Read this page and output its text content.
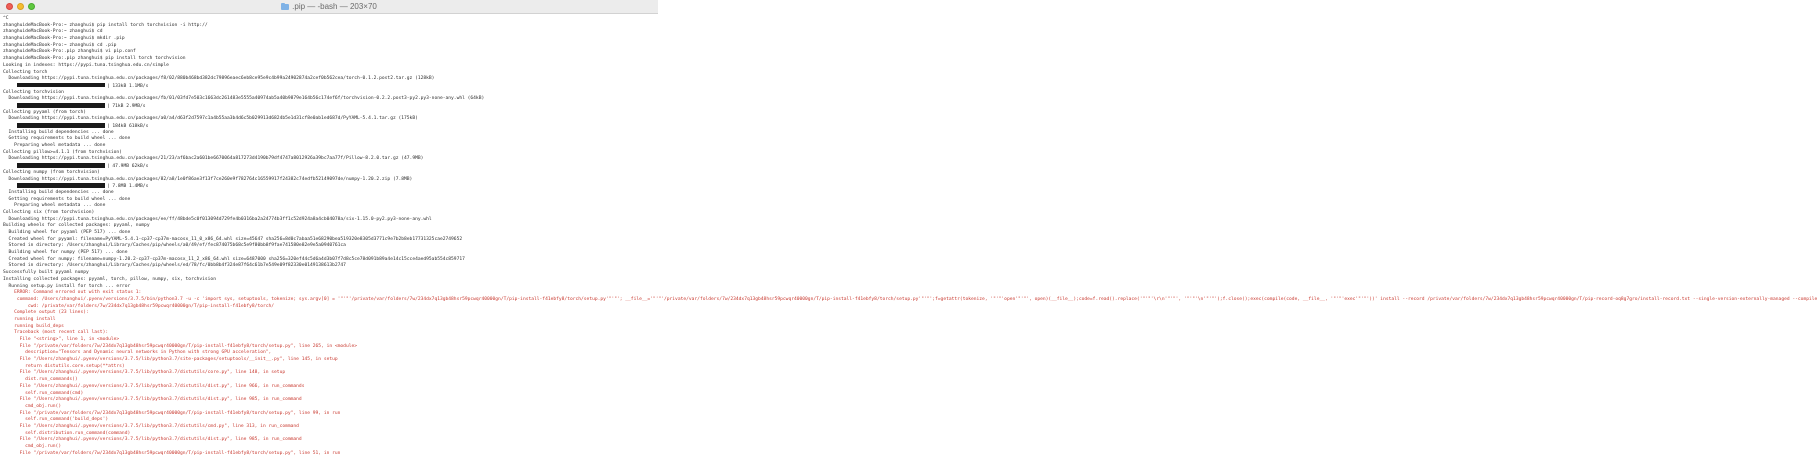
.pip — -bash — 203×70
^C
zhanghuideMacBook-Pro:~ zhanghui$ pip install torch torchvision -i http://
zhanghuideMacBook-Pro:~ zhanghui$ cd
zhanghuideMacBook-Pro:~ zhanghui$ mkdir .pip
zhanghuideMacBook-Pro:~ zhanghui$ cd .pip
zhanghuideMacBook-Pro:.pip zhanghui$ vi pip.conf
zhanghuideMacBook-Pro:.pip zhanghui$ pip install torch torchvision
Looking in indexes: https://pypi.tuna.tsinghua.edu.cn/simple
Collecting torch
Downloading https://pypi.tuna.tsinghua.edu.cn/packages/f8/02/880b468bd382dc79896eaec6eb8ce95e9c4b99a24902874a2cef0b562cea/torch-0.1.2.post2.tar.gz (128kB)
| 133kB 1.1MB/s
Collecting torchvision
Downloading https://pypi.tuna.tsinghua.edu.cn/packages/fb/01/03fd7e503c1663dc261483e5555a40974ab5a40b9879e164b56c174ef6f/torchvision-0.2.2.post3-py2.py3-none-any.whl (64kB)
| 71kB 2.9MB/s
Collecting pyyaml (from torch)
Downloading https://pypi.tuna.tsinghua.edu.cn/packages/a0/a4/d63f2d7597c1a4b55aa3b4d6c5b029913d6824b5e1d31cf8e0ab1ed687d/PyYAML-5.4.1.tar.gz (175kB)
| 184kB 618kB/s
Installing build dependencies ... done
Getting requirements to build wheel ... done
Preparing wheel metadata ... done
Collecting pillow>=4.1.1 (from torchvision)
Downloading https://pypi.tuna.tsinghua.edu.cn/packages/21/23/af6bac2a601be6670064a817273d4190b79df4747a8012926a39bc7aa77f/Pillow-8.2.0.tar.gz (47.9MB)
| 47.9MB 62kB/s
Collecting numpy (from torchvision)
Downloading https://pypi.tuna.tsinghua.edu.cn/packages/82/a8/1e0f86ae3f13f7ce260e9f782764c16559917f24382c74edfb52149097de/numpy-1.20.2.zip (7.8MB)
| 7.8MB 1.4MB/s
Installing build dependencies ... done
Getting requirements to build wheel ... done
Preparing wheel metadata ... done
Collecting six (from torchvision)
Downloading https://pypi.tuna.tsinghua.edu.cn/packages/ee/ff/48bde5c0f013094d729fe4b0316ba2a24774b3ff1c52d924a8a4cb04078a/six-1.15.0-py2.py3-none-any.whl
Building wheels for collected packages: pyyaml, numpy
Building wheel for pyyaml (PEP 517) ... done
Created wheel for pyyaml: filename=PyYAML-5.4.1-cp37-cp37m-macosx_11_0_x86_64.whl size=45647 sha256=8d0c7abaa51e68290bea519320e8305d3771c9e7b2b8eb17731325cae2749652
Stored in directory: /Users/zhanghui/Library/Caches/pip/wheels/a0/49/ef/fec874075b68c5e9f80bb8f9fae741580e82e9e5a0940761ca
Building wheel for numpy (PEP 517) ... done
Created wheel for numpy: filename=numpy-1.20.2-cp37-cp37m-macosx_11_2_x86_64.whl size=6487000 sha256=320ef44c5d6a4d3b07f7d8c5ce78d091b89a4e14c15cce4aed95ab554c859717
Stored in directory: /Users/zhanghui/Library/Caches/pip/wheels/ed/78/fc/0bb8b4f324e87f64c61b7e549e09f82330e0149138613b2747
Successfully built pyyaml numpy
Installing collected packages: pyyaml, torch, pillow, numpy, six, torchvision
Running setup.py install for torch ... error
ERROR: Command errored out with exit status 1:
command: /Users/zhanghui/.pyenv/versions/3.7.5/bin/python3.7 -u -c 'import sys, setuptools, tokenize; sys.argv[0] = '"'"'/private/var/folders/7w/234dx7q13gb48hsr59pcwqr40000gn/T/pip-install-f41ebfy8/torch/setup.py'"'"'; __file__='"'"'/private/var/folders/7w/234dx7q13gb48hsr59pcwqr40000gn/T/pip-install-f41ebfy8/torch/setup.py'"'"';f=getattr(tokenize, '"'"'open'"'"', open)(__file__);code=f.read().replace('"'"'\r\n'"'"', '"'"'\n'"'"');f.close();exec(compile(code, __file__, '"'"'exec'"'"'))' install --record /private/var/folders/7w/234dx7q13gb48hsr59pcwqr40000gn/T/pip-record-oq8g7gro/install-record.txt --single-version-externally-managed --compile
cwd: /private/var/folders/7w/234dx7q13gb48hsr59pcwqr40000gn/T/pip-install-f41ebfy8/torch/
Complete output (23 lines):
running install
running build_deps
Traceback (most recent call last):
File "<string>", line 1, in <module>
File "/private/var/folders/7w/234dx7q13gb48hsr59pcwqr40000gn/T/pip-install-f41ebfy8/torch/setup.py", line 265, in <module>
description="Tensors and Dynamic neural networks in Python with strong GPU acceleration",
File "/Users/zhanghui/.pyenv/versions/3.7.5/lib/python3.7/site-packages/setuptools/__init__.py", line 145, in setup
return distutils.core.setup(**attrs)
File "/Users/zhanghui/.pyenv/versions/3.7.5/lib/python3.7/distutils/core.py", line 148, in setup
dist.run_commands()
File "/Users/zhanghui/.pyenv/versions/3.7.5/lib/python3.7/distutils/dist.py", line 966, in run_commands
self.run_command(cmd)
File "/Users/zhanghui/.pyenv/versions/3.7.5/lib/python3.7/distutils/dist.py", line 985, in run_command
cmd_obj.run()
File "/private/var/folders/7w/234dx7q13gb48hsr59pcwqr40000gn/T/pip-install-f41ebfy8/torch/setup.py", line 99, in run
self.run_command('build_deps')
File "/Users/zhanghui/.pyenv/versions/3.7.5/lib/python3.7/distutils/cmd.py", line 313, in run_command
self.distribution.run_command(command)
File "/Users/zhanghui/.pyenv/versions/3.7.5/lib/python3.7/distutils/dist.py", line 985, in run_command
cmd_obj.run()
File "/private/var/folders/7w/234dx7q13gb48hsr59pcwqr40000gn/T/pip-install-f41ebfy8/torch/setup.py", line 51, in run
